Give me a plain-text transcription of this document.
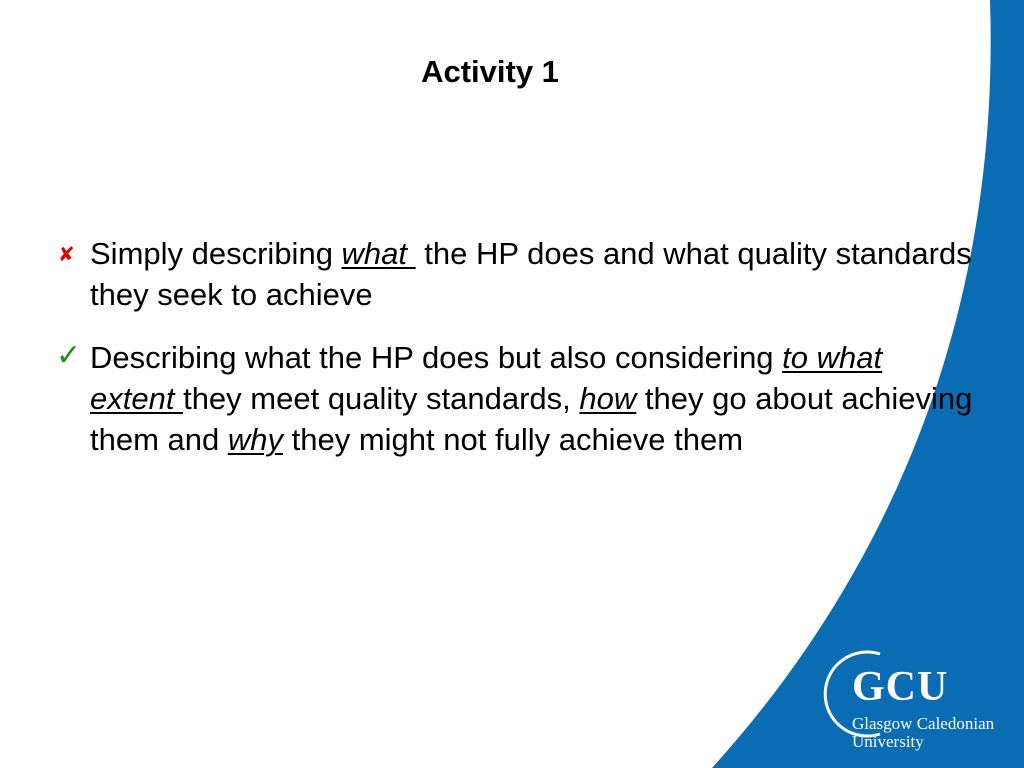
Activity 1
✘ Simply describing what the HP does and what quality standards they seek to achieve
✓ Describing what the HP does but also considering to what extent they meet quality standards, how they go about achieving them and why they might not fully achieve them
GCU
Glasgow Caledonian
University
